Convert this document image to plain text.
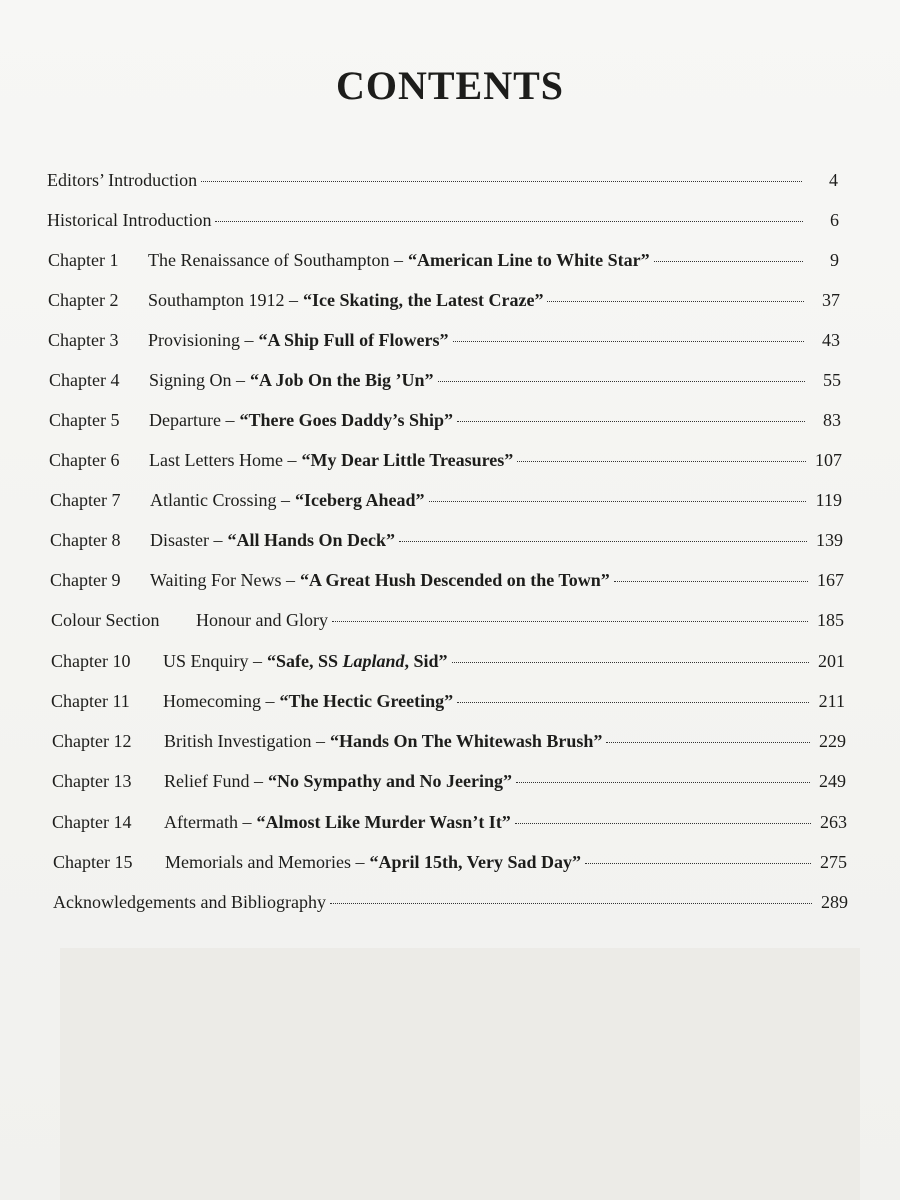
CONTENTS
Editors’ Introduction	4
Historical Introduction	6
Chapter 1	The Renaissance of Southampton – “American Line to White Star”	9
Chapter 2	Southampton 1912 – “Ice Skating, the Latest Craze”	37
Chapter 3	Provisioning – “A Ship Full of Flowers”	43
Chapter 4	Signing On – “A Job On the Big ’Un”	55
Chapter 5	Departure – “There Goes Daddy’s Ship”	83
Chapter 6	Last Letters Home – “My Dear Little Treasures”	107
Chapter 7	Atlantic Crossing – “Iceberg Ahead”	119
Chapter 8	Disaster – “All Hands On Deck”	139
Chapter 9	Waiting For News – “A Great Hush Descended on the Town”	167
Colour Section	Honour and Glory	185
Chapter 10	US Enquiry – “Safe, SS Lapland, Sid”	201
Chapter 11	Homecoming – “The Hectic Greeting”	211
Chapter 12	British Investigation – “Hands On The Whitewash Brush”	229
Chapter 13	Relief Fund – “No Sympathy and No Jeering”	249
Chapter 14	Aftermath – “Almost Like Murder Wasn’t It”	263
Chapter 15	Memorials and Memories – “April 15th, Very Sad Day”	275
Acknowledgements and Bibliography	289
